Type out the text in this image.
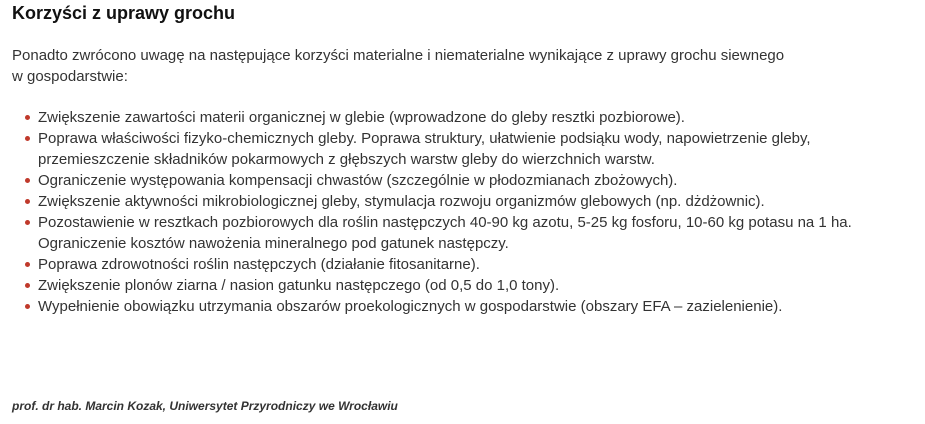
Korzyści z uprawy grochu

Ponadto zwrócono uwagę na następujące korzyści materialne i niematerialne wynikające z uprawy grochu siewnego
w gospodarstwie:

Zwiększenie zawartości materii organicznej w glebie (wprowadzone do gleby resztki pozbiorowe).
Poprawa właściwości fizyko-chemicznych gleby. Poprawa struktury, ułatwienie podsiąku wody, napowietrzenie gleby,
przemieszczenie składników pokarmowych z głębszych warstw gleby do wierzchnich warstw.
Ograniczenie występowania kompensacji chwastów (szczególnie w płodozmianach zbożowych).
Zwiększenie aktywności mikrobiologicznej gleby, stymulacja rozwoju organizmów glebowych (np. dżdżownic).
Pozostawienie w resztkach pozbiorowych dla roślin następczych 40-90 kg azotu, 5-25 kg fosforu, 10-60 kg potasu na 1 ha.
Ograniczenie kosztów nawożenia mineralnego pod gatunek następczy.
Poprawa zdrowotności roślin następczych (działanie fitosanitarne).
Zwiększenie plonów ziarna / nasion gatunku następczego (od 0,5 do 1,0 tony).
Wypełnienie obowiązku utrzymania obszarów proekologicznych w gospodarstwie (obszary EFA – zazielenienie).

prof. dr hab. Marcin Kozak, Uniwersytet Przyrodniczy we Wrocławiu
